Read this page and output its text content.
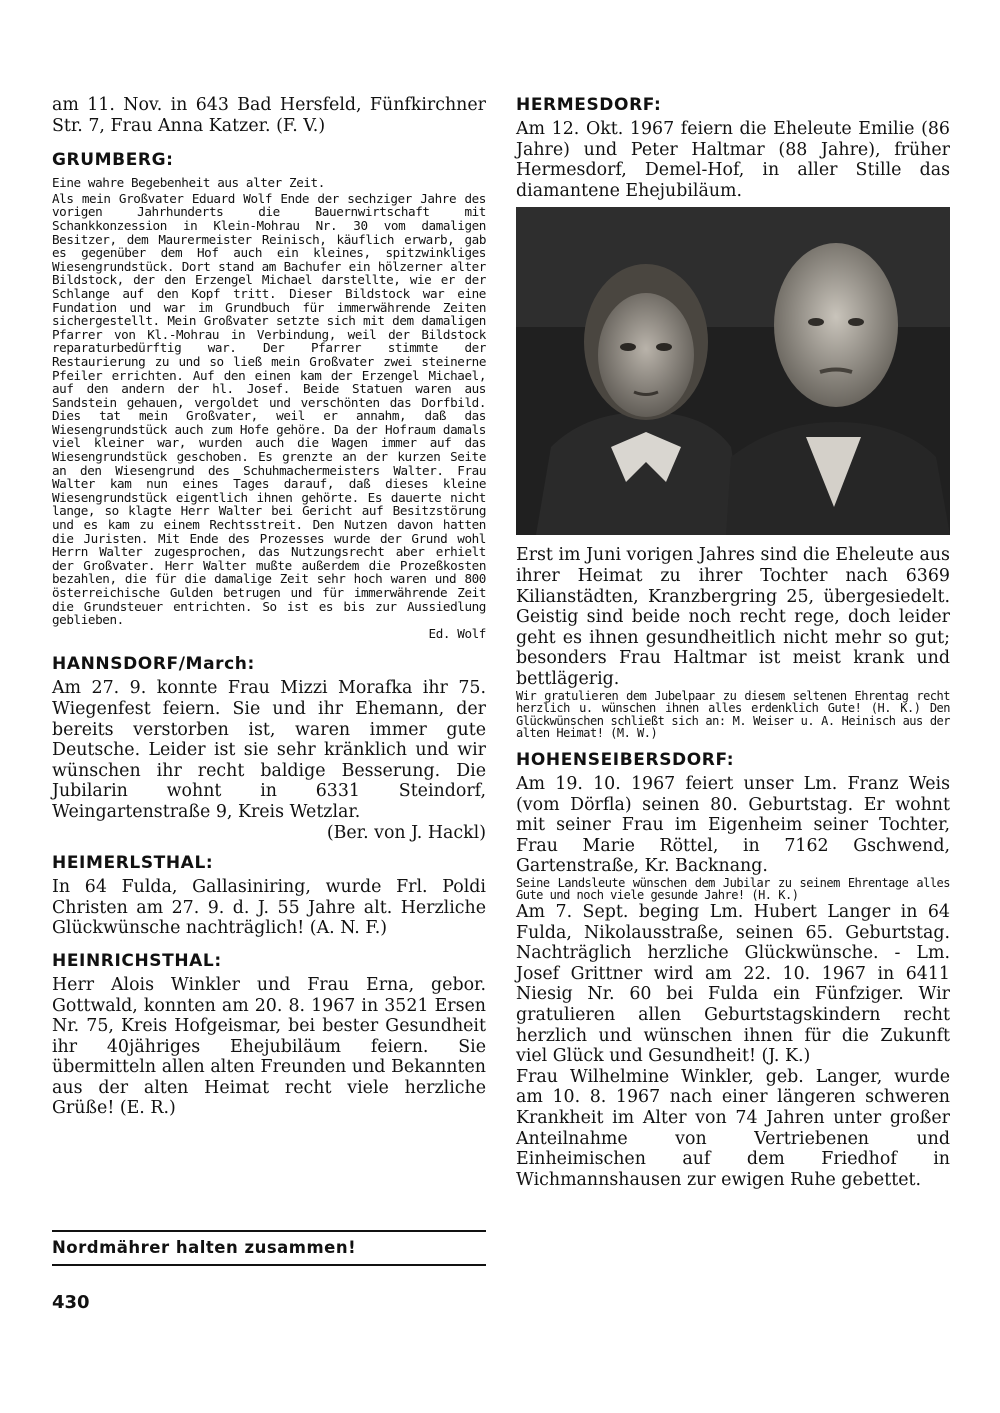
am 11. Nov. in 643 Bad Hersfeld, Fünfkirchner Str. 7, Frau Anna Katzer. (F. V.)

GRUMBERG:

Eine wahre Begebenheit aus alter Zeit.

Als mein Großvater Eduard Wolf Ende der sechziger Jahre des vorigen Jahrhunderts die Bauernwirtschaft mit Schankkonzession in Klein-Mohrau Nr. 30 vom damaligen Besitzer, dem Maurermeister Reinisch, käuflich erwarb, gab es gegenüber dem Hof auch ein kleines, spitzwinkliges Wiesengrundstück. Dort stand am Bachufer ein hölzerner alter Bildstock, der den Erzengel Michael darstellte, wie er der Schlange auf den Kopf tritt. Dieser Bildstock war eine Fundation und war im Grundbuch für immerwährende Zeiten sichergestellt. Mein Großvater setzte sich mit dem damaligen Pfarrer von Kl.-Mohrau in Verbindung, weil der Bildstock reparaturbedürftig war. Der Pfarrer stimmte der Restaurierung zu und so ließ mein Großvater zwei steinerne Pfeiler errichten. Auf den einen kam der Erzengel Michael, auf den andern der hl. Josef. Beide Statuen waren aus Sandstein gehauen, vergoldet und verschönten das Dorfbild. Dies tat mein Großvater, weil er annahm, daß das Wiesengrundstück auch zum Hofe gehöre. Da der Hofraum damals viel kleiner war, wurden auch die Wagen immer auf das Wiesengrundstück geschoben. Es grenzte an der kurzen Seite an den Wiesengrund des Schuhmachermeisters Walter. Frau Walter kam nun eines Tages darauf, daß dieses kleine Wiesengrundstück eigentlich ihnen gehörte. Es dauerte nicht lange, so klagte Herr Walter bei Gericht auf Besitzstörung und es kam zu einem Rechtsstreit. Den Nutzen davon hatten die Juristen. Mit Ende des Prozesses wurde der Grund wohl Herrn Walter zugesprochen, das Nutzungsrecht aber erhielt der Großvater. Herr Walter mußte außerdem die Prozeßkosten bezahlen, die für die damalige Zeit sehr hoch waren und 800 österreichische Gulden betrugen und für immerwährende Zeit die Grundsteuer entrichten. So ist es bis zur Aussiedlung geblieben.

Ed. Wolf

HANNSDORF/March:

Am 27. 9. konnte Frau Mizzi Morafka ihr 75. Wiegenfest feiern. Sie und ihr Ehemann, der bereits verstorben ist, waren immer gute Deutsche. Leider ist sie sehr kränklich und wir wünschen ihr recht baldige Besserung. Die Jubilarin wohnt in 6331 Steindorf, Weingartenstraße 9, Kreis Wetzlar.

(Ber. von J. Hackl)

HEIMERLSTHAL:

In 64 Fulda, Gallasiniring, wurde Frl. Poldi Christen am 27. 9. d. J. 55 Jahre alt. Herzliche Glückwünsche nachträglich! (A. N. F.)

HEINRICHSTHAL:

Herr Alois Winkler und Frau Erna, gebor. Gottwald, konnten am 20. 8. 1967 in 3521 Ersen Nr. 75, Kreis Hofgeismar, bei bester Gesundheit ihr 40jähriges Ehejubiläum feiern. Sie übermitteln allen alten Freunden und Bekannten aus der alten Heimat recht viele herzliche Grüße! (E. R.)

Nordmährer halten zusammen!
430

HERMESDORF:

Am 12. Okt. 1967 feiern die Eheleute Emilie (86 Jahre) und Peter Haltmar (88 Jahre), früher Hermesdorf, Demel-Hof, in aller Stille das diamantene Ehejubiläum.

Erst im Juni vorigen Jahres sind die Eheleute aus ihrer Heimat zu ihrer Tochter nach 6369 Kilianstädten, Kranzbergring 25, übergesiedelt. Geistig sind beide noch recht rege, doch leider geht es ihnen gesundheitlich nicht mehr so gut; besonders Frau Haltmar ist meist krank und bettlägerig.

Wir gratulieren dem Jubelpaar zu diesem seltenen Ehrentag recht herzlich u. wünschen ihnen alles erdenklich Gute! (H. K.) Den Glückwünschen schließt sich an: M. Weiser u. A. Heinisch aus der alten Heimat! (M. W.)

HOHENSEIBERSDORF:

Am 19. 10. 1967 feiert unser Lm. Franz Weis (vom Dörfla) seinen 80. Geburtstag. Er wohnt mit seiner Frau im Eigenheim seiner Tochter, Frau Marie Röttel, in 7162 Gschwend, Gartenstraße, Kr. Backnang.

Seine Landsleute wünschen dem Jubilar zu seinem Ehrentage alles Gute und noch viele gesunde Jahre! (H. K.)

Am 7. Sept. beging Lm. Hubert Langer in 64 Fulda, Nikolausstraße, seinen 65. Geburtstag. Nachträglich herzliche Glückwünsche. - Lm. Josef Grittner wird am 22. 10. 1967 in 6411 Niesig Nr. 60 bei Fulda ein Fünfziger. Wir gratulieren allen Geburtstagskindern recht herzlich und wünschen ihnen für die Zukunft viel Glück und Gesundheit! (J. K.)

Frau Wilhelmine Winkler, geb. Langer, wurde am 10. 8. 1967 nach einer längeren schweren Krankheit im Alter von 74 Jahren unter großer Anteilnahme von Vertriebenen und Einheimischen auf dem Friedhof in Wichmannshausen zur ewigen Ruhe gebettet.
